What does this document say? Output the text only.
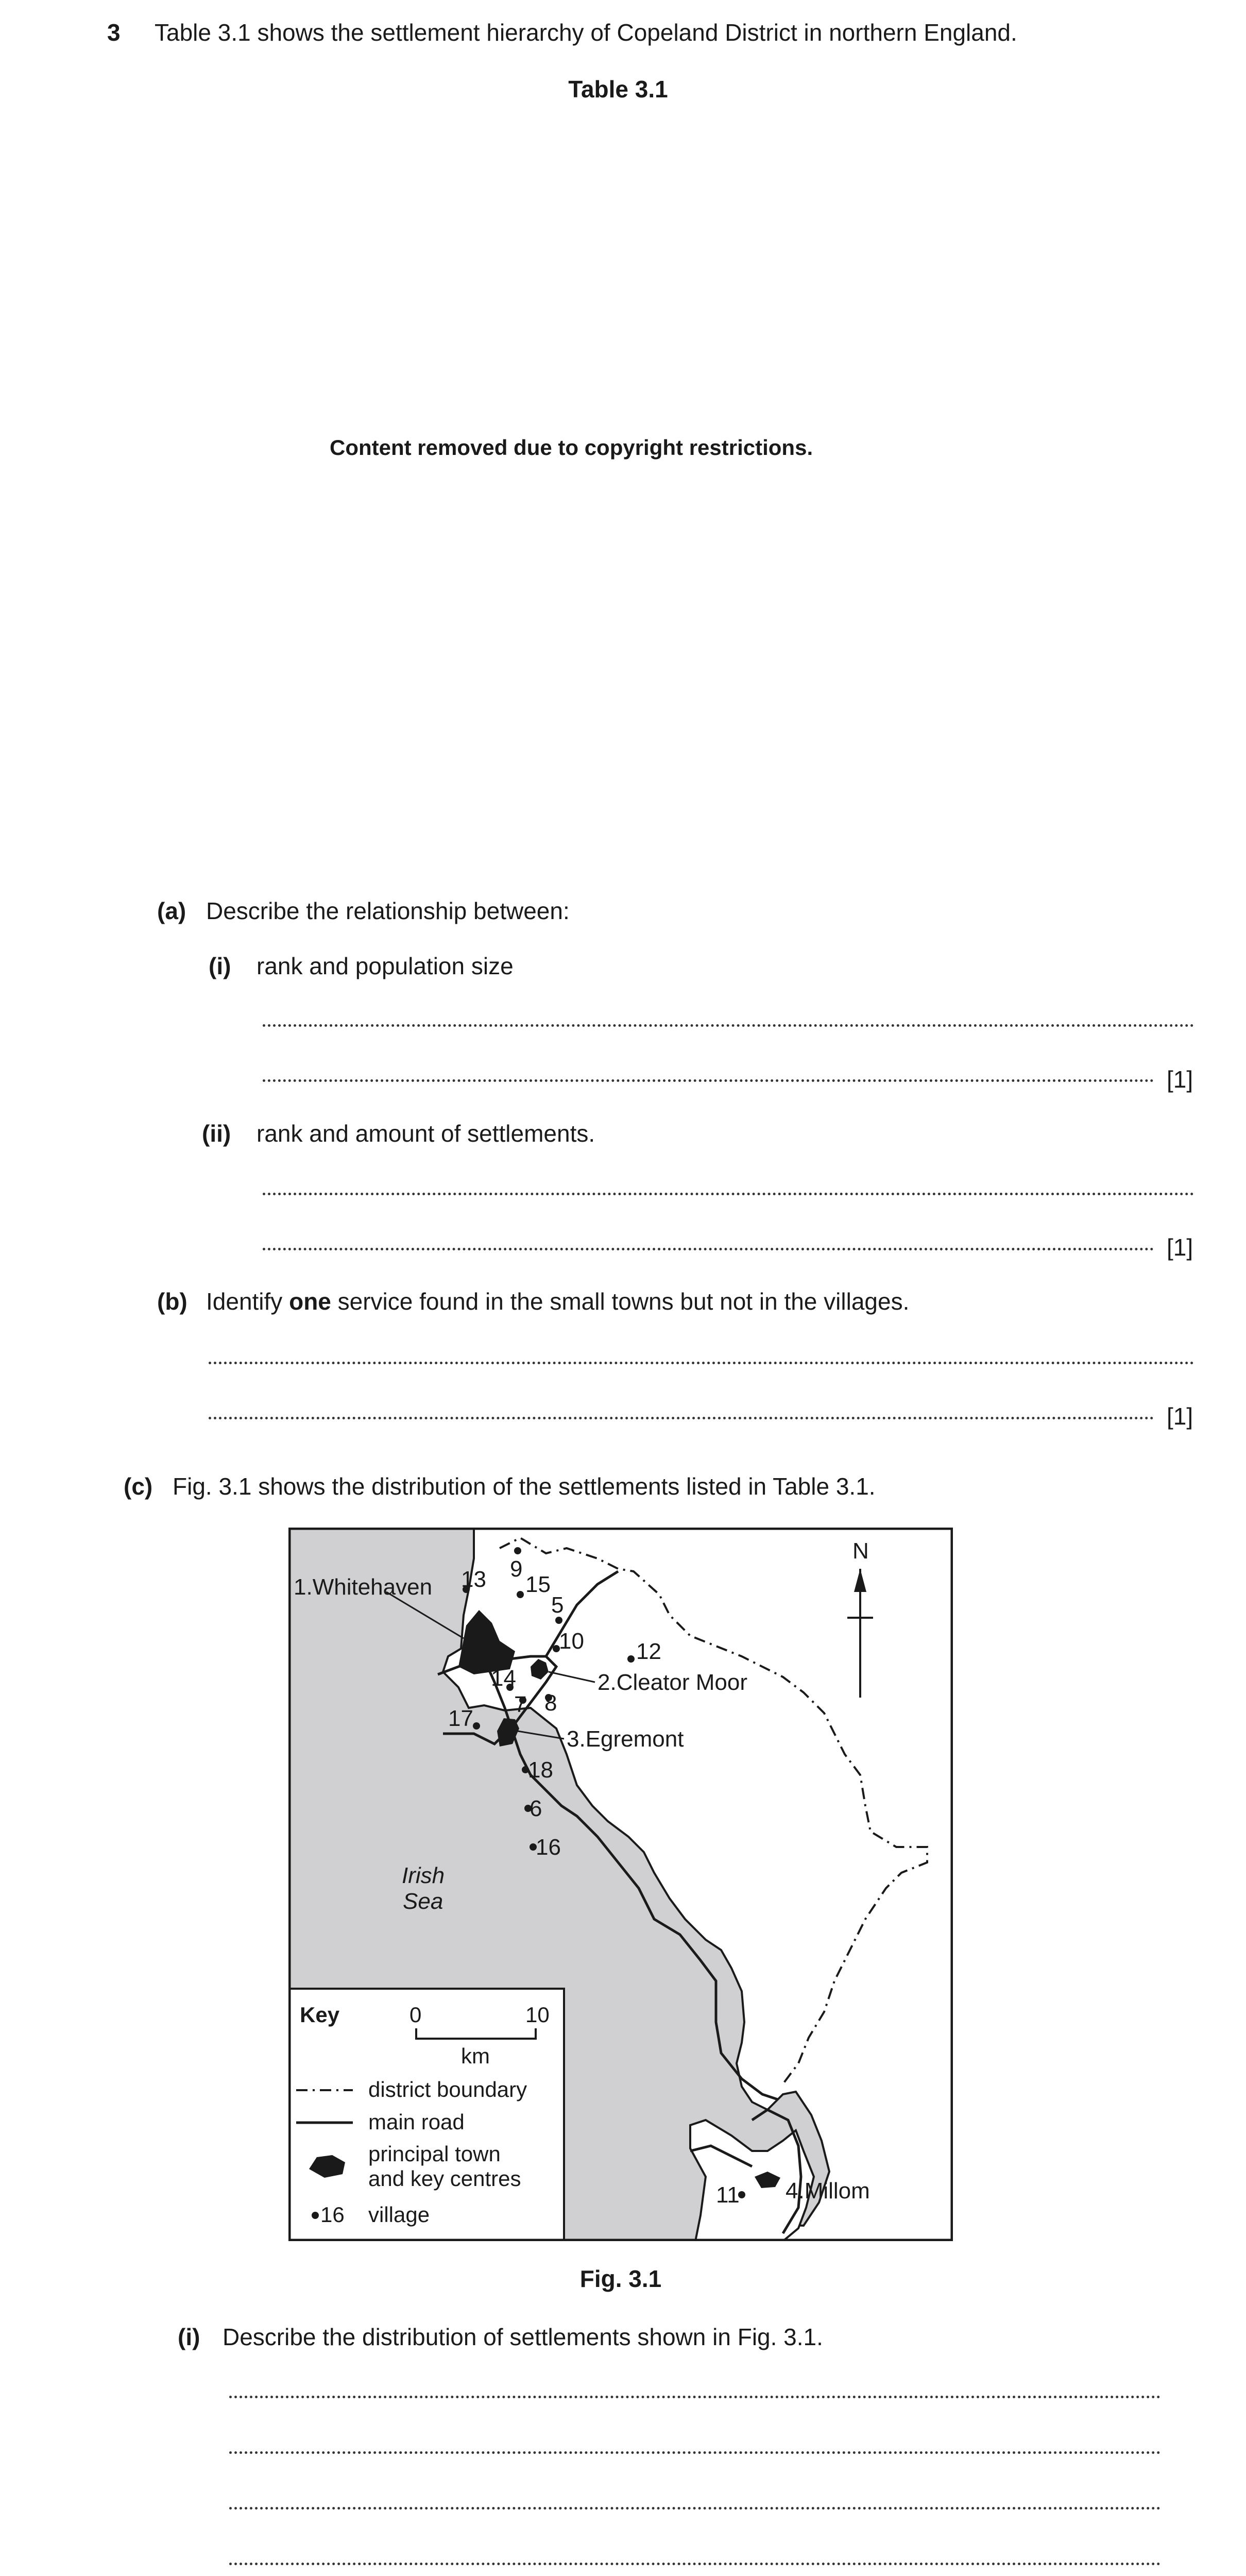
3 Table 3.1 shows the settlement hierarchy of Copeland District in northern England.
Table 3.1
Content removed due to copyright restrictions.
(a) Describe the relationship between:
(i) rank and population size
[1]
(ii) rank and amount of settlements.
[1]
(b) Identify one service found in the small towns but not in the villages.
[1]
(c) Fig. 3.1 shows the distribution of the settlements listed in Table 3.1.
1.Whitehaven
2.Cleator Moor
3.Egremont
4.Millom
9
13 15
5
10 12
14
7 8
17
18
6
16
11
Irish
Sea
N
Key	0	10
km
district boundary
main road
principal town
and key centres
16 village
Fig. 3.1
(i) Describe the distribution of settlements shown in Fig. 3.1.
